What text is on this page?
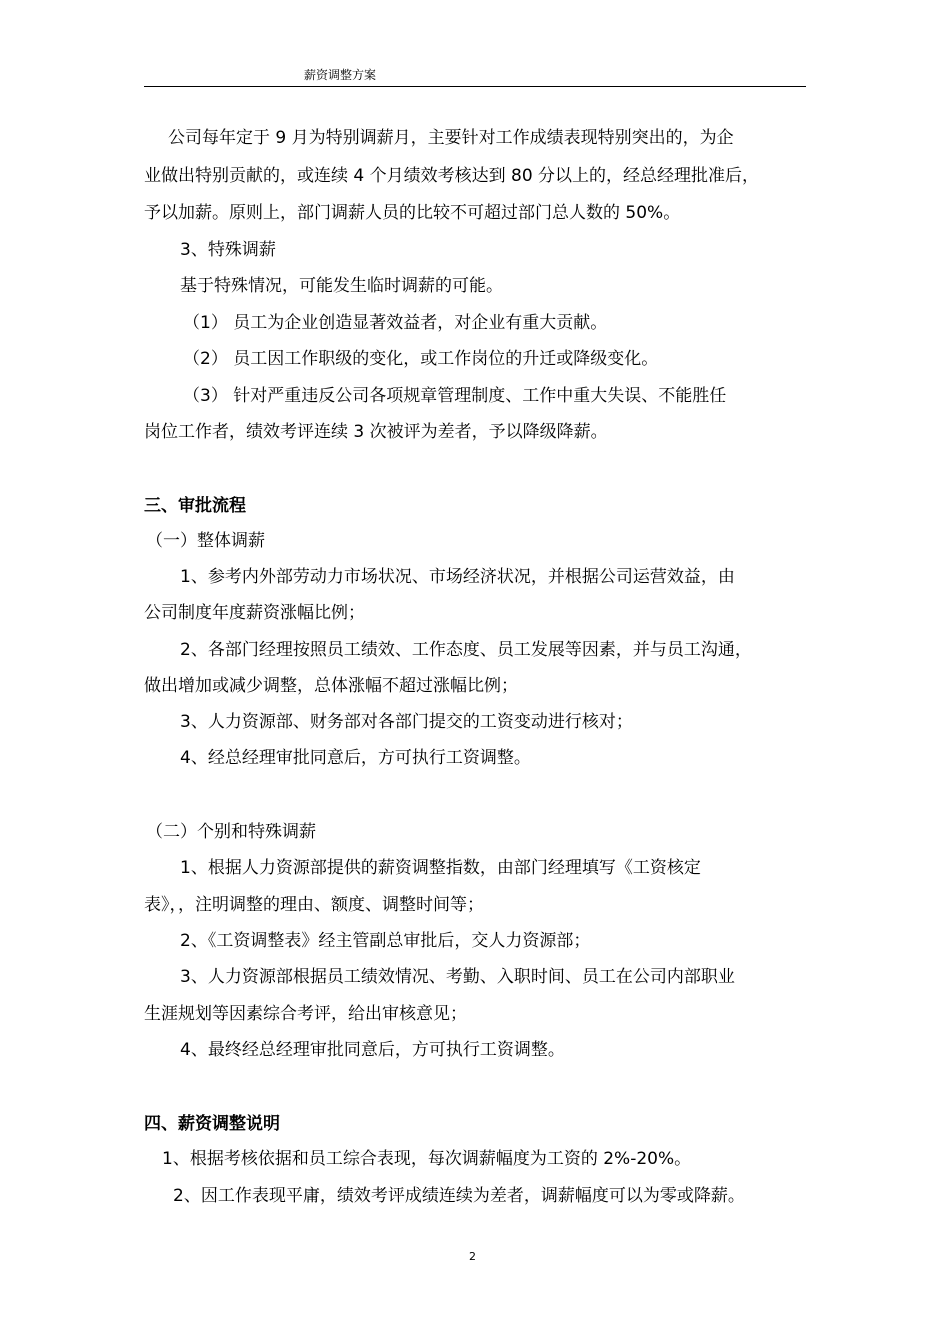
薪资调整方案
公司每年定于 9 月为特别调薪月，主要针对工作成绩表现特别突出的，为企
业做出特别贡献的，或连续 4 个月绩效考核达到 80 分以上的，经总经理批准后，
予以加薪。原则上，部门调薪人员的比较不可超过部门总人数的 50%。
3、特殊调薪
基于特殊情况，可能发生临时调薪的可能。
（1） 员工为企业创造显著效益者，对企业有重大贡献。
（2） 员工因工作职级的变化，或工作岗位的升迁或降级变化。
（3） 针对严重违反公司各项规章管理制度、工作中重大失误、不能胜任
岗位工作者，绩效考评连续 3 次被评为差者，予以降级降薪。
三、审批流程
（一）整体调薪
1、参考内外部劳动力市场状况、市场经济状况，并根据公司运营效益，由
公司制度年度薪资涨幅比例；
2、各部门经理按照员工绩效、工作态度、员工发展等因素，并与员工沟通，
做出增加或减少调整，总体涨幅不超过涨幅比例；
3、人力资源部、财务部对各部门提交的工资变动进行核对；
4、经总经理审批同意后，方可执行工资调整。
（二）个别和特殊调薪
1、根据人力资源部提供的薪资调整指数，由部门经理填写《工资核定
表》，，注明调整的理由、额度、调整时间等；
2、《工资调整表》经主管副总审批后，交人力资源部；
3、人力资源部根据员工绩效情况、考勤、入职时间、员工在公司内部职业
生涯规划等因素综合考评，给出审核意见；
4、最终经总经理审批同意后，方可执行工资调整。
四、薪资调整说明
1、根据考核依据和员工综合表现，每次调薪幅度为工资的 2%-20%。
2、因工作表现平庸，绩效考评成绩连续为差者，调薪幅度可以为零或降薪。
2
